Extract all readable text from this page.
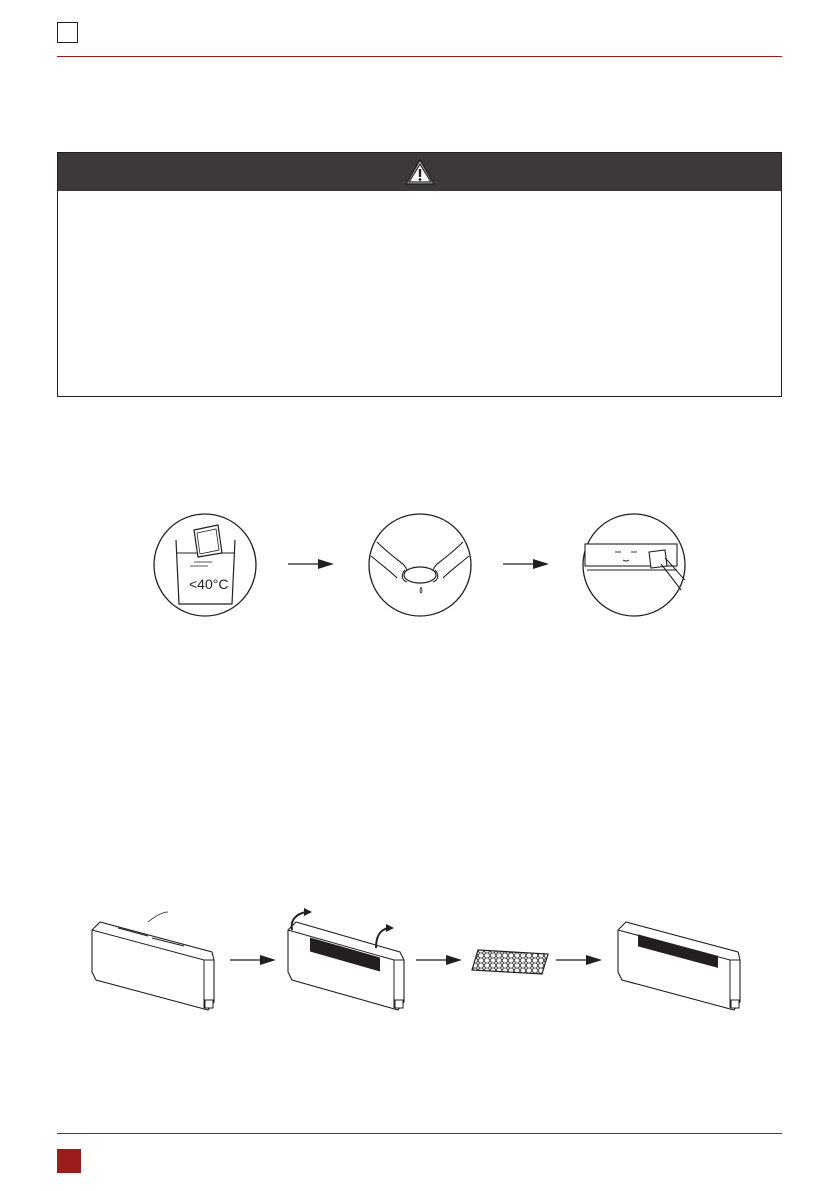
<40°C
